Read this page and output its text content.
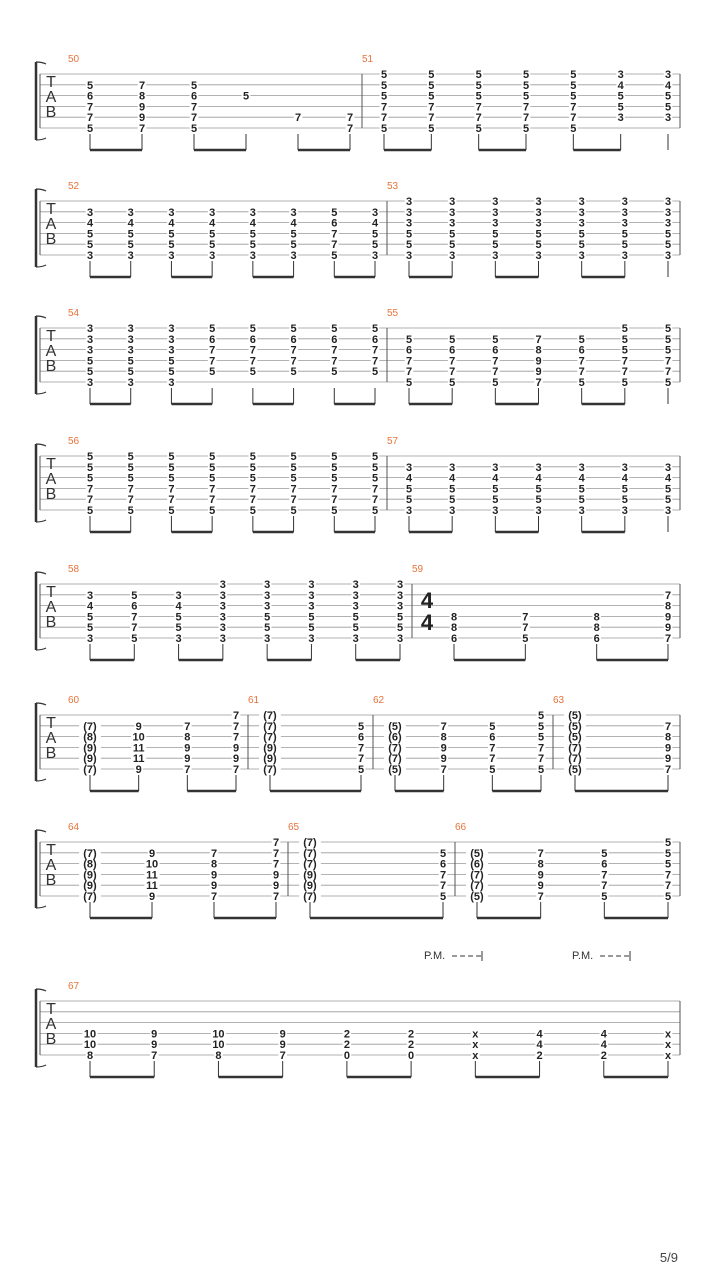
T
A
B
50
5
6
7
7
5
7
8
9
9
7
5
6
7
7
5
5
7	7
7
51
5
5
5
7
7
5
5
5
5
7
7
5
5
5
5
7
7
5
5
5
5
7
7
5
5
5
5
7
7
5
3
4
5
5
3
3
4
5
5
3
T
A
B
52
3
4
5
5
3
3
4
5
5
3
3
4
5
5
3
3
4
5
5
3
3
4
5
5
3
3
4
5
5
3
5
6
7
7
5
3
4
5
5
3
53
3
3
3
5
5
3
3
3
3
5
5
3
3
3
3
5
5
3
3
3
3
5
5
3
3
3
3
5
5
3
3
3
3
5
5
3
3
3
3
5
5
3
T
A
B
54
3
3
3
5
5
3
3
3
3
5
5
3
3
3
3
5
5
3
5
6
7
7
5
5
6
7
7
5
5
6
7
7
5
5
6
7
7
5
5
6
7
7
5
55
5
6
7
7
5
5
6
7
7
5
5
6
7
7
5
7
8
9
9
7
5
6
7
7
5
5
5
5
7
7
5
5
5
5
7
7
5
T
A
B
56
5
5
5
7
7
5
5
5
5
7
7
5
5
5
5
7
7
5
5
5
5
7
7
5
5
5
5
7
7
5
5
5
5
7
7
5
5
5
5
7
7
5
5
5
5
7
7
5
57
3
4
5
5
3
3
4
5
5
3
3
4
5
5
3
3
4
5
5
3
3
4
5
5
3
3
4
5
5
3
3
4
5
5
3
T
A
B
58
3
4
5
5
3
5
6
7
7
5
3
4
5
5
3
3
3
3
3
3
3
3
3
3
5
5
3
3
3
3
5
5
3
3
3
3
5
5
3
3
3
3
5
5
3
59
4
4 8
8
6
7
7
5
8
8
6
7
8
9
9
7
T
A
B
60
(7)
(8)
(9)
(9)
(7)
9
10
11
11
9
7
8
9
9
7
7
7
7
9
9
7
61
(7)
(7)
(7)
(9)
(9)
(7)
5
6
7
7
5
62
(5)
(6)
(7)
(7)
(5)
7
8
9
9
7
5
6
7
7
5
5
5
5
7
7
5
63
(5)
(5)
(5)
(7)
(7)
(5)
7
8
9
9
7
T
A
B
64
(7)
(8)
(9)
(9)
(7)
9
10
11
11
9
7
8
9
9
7
7
7
7
9
9
7
65
(7)
(7)
(7)
(9)
(9)
(7)
5
6
7
7
5
66
(5)
(6)
(7)
(7)
(5)
7
8
9
9
7
5
6
7
7
5
5
5
5
7
7
5
T
A
B
67
10
10
8
9
9
7
10
10
8
9
9
7
2
2
0
2
2
0
x
x
x
4
4
2
4
4
2
x
x
x
P.M.	P.M.
5/9
